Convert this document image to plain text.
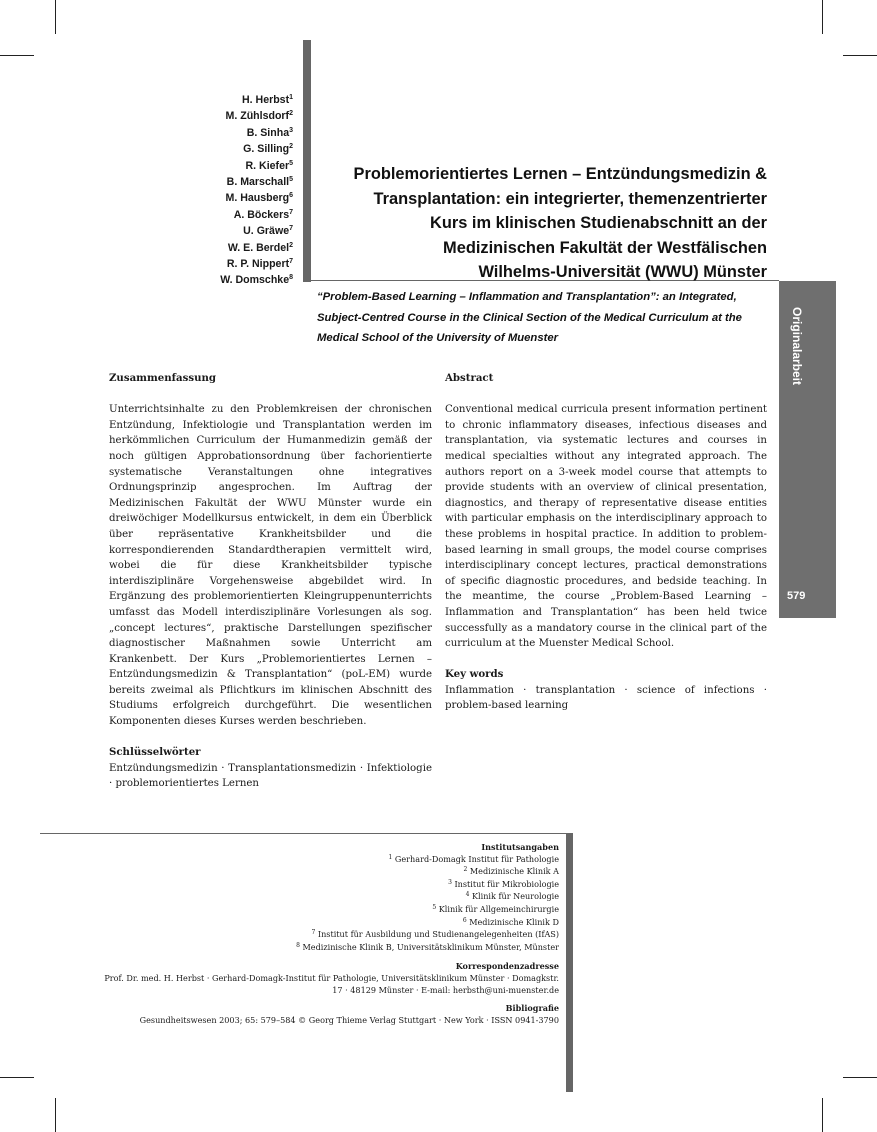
H. Herbst$^1$
M. Zühlsdorf$^2$
B. Sinha$^3$
G. Silling$^2$
R. Kiefer$^5$
B. Marschall$^5$
M. Hausberg$^6$
A. Böckers$^7$
U. Gräwe$^7$
W. E. Berdel$^2$
R. P. Nippert$^7$
W. Domschke$^8$
Originalarbeit
579
Problemorientiertes Lernen – Entzündungsmedizin &
Transplantation: ein integrierter, themenzentrierter
Kurs im klinischen Studienabschnitt an der
Medizinischen Fakultät der Westfälischen
Wilhelms-Universität (WWU) Münster
“Problem-Based Learning – Inflammation and Transplantation”: an Integrated,
Subject-Centred Course in the Clinical Section of the Medical Curriculum at the
Medical School of the University of Muenster

Zusammenfassung

Unterrichtsinhalte zu den Problemkreisen der chronischen Entzündung, Infektiologie und Transplantation werden im herkömmlichen Curriculum der Humanmedizin gemäß der noch gültigen Approbationsordnung über fachorientierte systematische Veranstaltungen ohne integratives Ordnungsprinzip angesprochen. Im Auftrag der Medizinischen Fakultät der WWU Münster wurde ein dreiwöchiger Modellkursus entwickelt, in dem ein Überblick über repräsentative Krankheitsbilder und die korrespondierenden Standardtherapien vermittelt wird, wobei die für diese Krankheitsbilder typische interdisziplinäre Vorgehensweise abgebildet wird. In Ergänzung des problemorientierten Kleingruppenunterrichts umfasst das Modell interdisziplinäre Vorlesungen als sog. „concept lectures“, praktische Darstellungen spezifischer diagnostischer Maßnahmen sowie Unterricht am Krankenbett. Der Kurs „Problemorientiertes Lernen – Entzündungsmedizin & Transplantation“ (poL-EM) wurde bereits zweimal als Pflichtkurs im klinischen Abschnitt des Studiums erfolgreich durchgeführt. Die wesentlichen Komponenten dieses Kurses werden beschrieben.

Schlüsselwörter

Entzündungsmedizin · Transplantationsmedizin · Infektiologie · problemorientiertes Lernen

Abstract

Conventional medical curricula present information pertinent to chronic inflammatory diseases, infectious diseases and transplantation, via systematic lectures and courses in medical specialties without any integrated approach. The authors report on a 3-week model course that attempts to provide students with an overview of clinical presentation, diagnostics, and therapy of representative disease entities with particular emphasis on the interdisciplinary approach to these problems in hospital practice. In addition to problem-based learning in small groups, the model course comprises interdisciplinary concept lectures, practical demonstrations of specific diagnostic procedures, and bedside teaching. In the meantime, the course „Problem-Based Learning – Inflammation and Transplantation“ has been held twice successfully as a mandatory course in the clinical part of the curriculum at the Muenster Medical School.

Key words

Inflammation · transplantation · science of infections · problem-based learning

Institutsangaben
$^1$ Gerhard-Domagk Institut für Pathologie
$^2$ Medizinische Klinik A
$^3$ Institut für Mikrobiologie
$^4$ Klinik für Neurologie
$^5$ Klinik für Allgemeinchirurgie
$^6$ Medizinische Klinik D
$^7$ Institut für Ausbildung und Studienangelegenheiten (IfAS)
$^8$ Medizinische Klinik B, Universitätsklinikum Münster, Münster
Korrespondenzadresse
Prof. Dr. med. H. Herbst · Gerhard-Domagk-Institut für Pathologie, Universitätsklinikum Münster · Domagkstr.
17 · 48129 Münster · E-mail: herbsth@uni-muenster.de
Bibliografie
Gesundheitswesen 2003; 65: 579–584 © Georg Thieme Verlag Stuttgart · New York · ISSN 0941-3790
